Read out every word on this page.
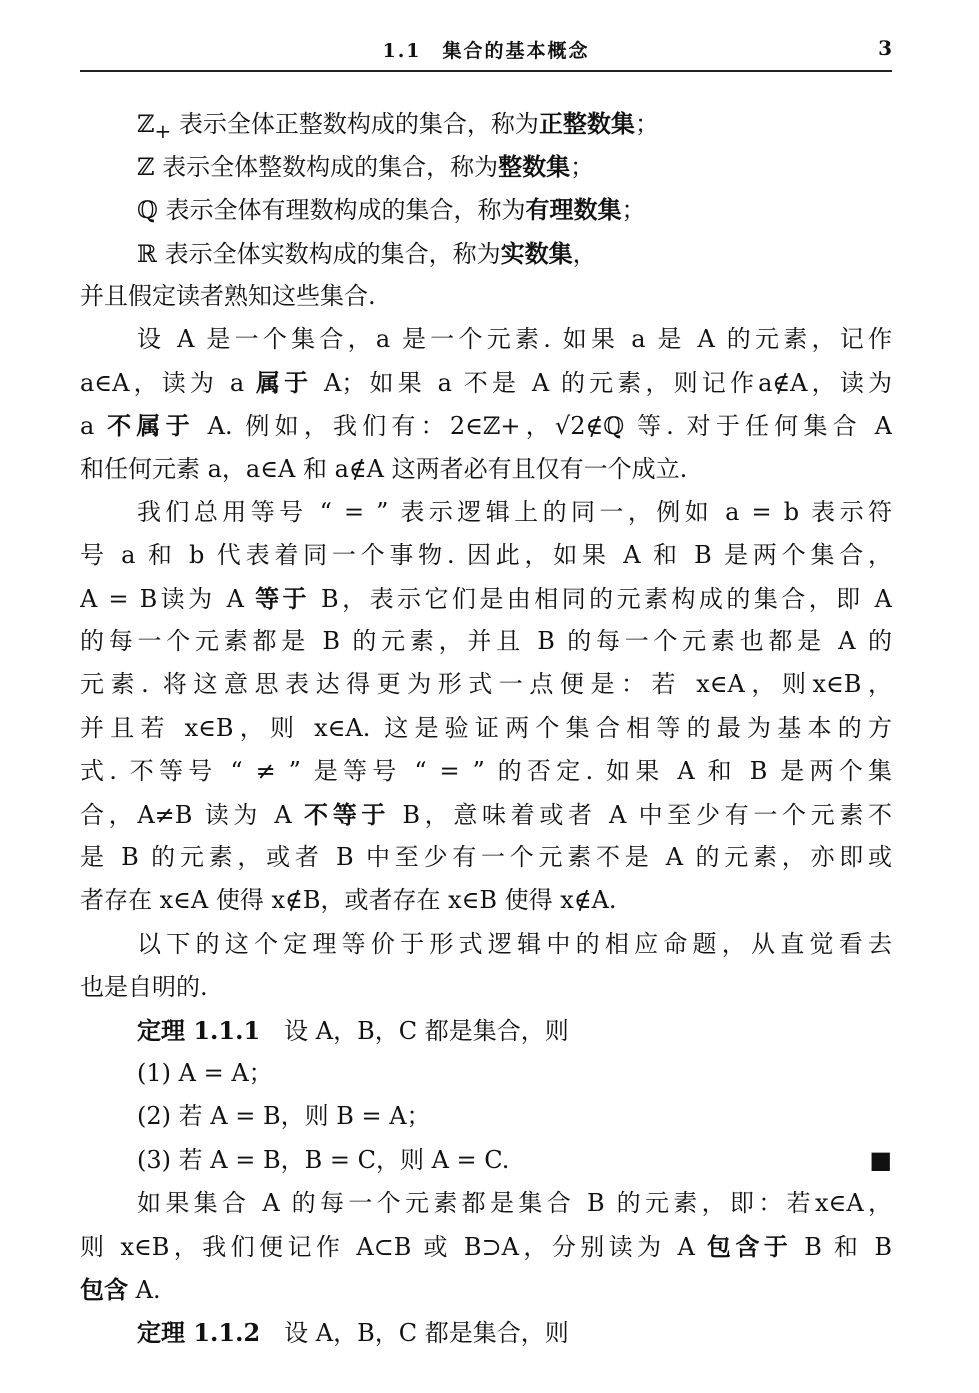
1.1　集合的基本概念	3
ℤ$_+$ 表示全体正整数构成的集合，称为正整数集；
ℤ 表示全体整数构成的集合，称为整数集；
ℚ 表示全体有理数构成的集合，称为有理数集；
ℝ 表示全体实数构成的集合，称为实数集，
并且假定读者熟知这些集合.
设 A 是一个集合，a 是一个元素. 如果 a 是 A 的元素，记作
a∈A，读为 a 属于 A；如果 a 不是 A 的元素，则记作a∉A，读为
a 不属于 A. 例如，我们有：2∈ℤ+，√2∉ℚ 等. 对于任何集合 A
和任何元素 a，a∈A 和 a∉A 这两者必有且仅有一个成立.
我们总用等号 “ = ” 表示逻辑上的同一，例如 a = b 表示符
号 a 和 b 代表着同一个事物. 因此，如果 A 和 B 是两个集合，
A = B读为 A 等于 B，表示它们是由相同的元素构成的集合，即 A
的每一个元素都是 B 的元素，并且 B 的每一个元素也都是 A 的
元素. 将这意思表达得更为形式一点便是：若 x∈A，则x∈B，
并且若 x∈B，则 x∈A. 这是验证两个集合相等的最为基本的方
式. 不等号 “ ≠ ” 是等号 “ = ” 的否定. 如果 A 和 B 是两个集
合，A≠B 读为 A 不等于 B，意味着或者 A 中至少有一个元素不
是 B 的元素，或者 B 中至少有一个元素不是 A 的元素，亦即或
者存在 x∈A 使得 x∉B，或者存在 x∈B 使得 x∉A.
以下的这个定理等价于形式逻辑中的相应命题，从直觉看去
也是自明的.
定理 1.1.1　设 A，B，C 都是集合，则
(1) A = A；
(2) 若 A = B，则 B = A；
(3) 若 A = B，B = C，则 A = C.	■
如果集合 A 的每一个元素都是集合 B 的元素，即：若x∈A，
则 x∈B，我们便记作 A⊂B 或 B⊃A，分别读为 A 包含于 B 和 B
包含 A.
定理 1.1.2　设 A，B，C 都是集合，则
